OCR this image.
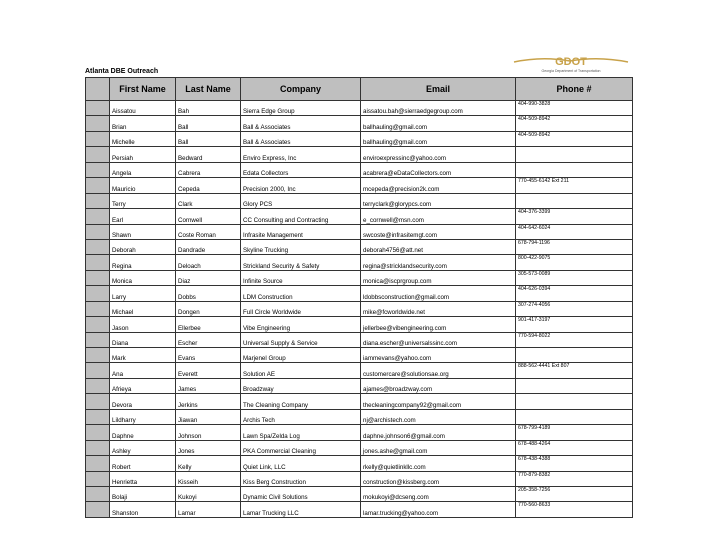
Atlanta DBE Outreach
GDOT
Georgia Department of Transportation
	First Name	Last Name	Company	Email	Phone #
	Aissatou	Bah	Sierra Edge Group	aissatou.bah@sierraedgegroup.com	404-990-3828
	Brian	Ball	Ball & Associates	ballhauling@gmail.com	404-509-8942
	Michelle	Ball	Ball & Associates	ballhauling@gmail.com	404-509-8942
	Persiah	Bedward	Enviro Express, Inc	enviroexpressinc@yahoo.com	
	Angela	Cabrera	Edata Collectors	acabrera@eDataCollectors.com	
	Mauricio	Cepeda	Precision 2000, Inc	mcepeda@precision2k.com	770-455-6142 Ext 211
	Terry	Clark	Glory PCS	terryclark@glorypcs.com	
	Earl	Cornwell	CC Consulting and Contracting	e_cornwell@msn.com	404-376-3399
	Shawn	Coste Roman	Infrasite Management	swcoste@infrasitemgt.com	404-642-6024
	Deborah	Dandrade	Skyline Trucking	deborah4756@att.net	678-794-1196
	Regina	Deloach	Strickland Security & Safety	regina@stricklandsecurity.com	800-422-9075
	Monica	Diaz	Infinite Source	monica@iscprgroup.com	305-573-0089
	Larry	Dobbs	LDM Construction	ldobbsconstruction@gmail.com	404-626-0394
	Michael	Dongen	Full Circle Worldwide	mike@fcworldwide.net	307-274-4056
	Jason	Ellerbee	Vibe Engineering	jellerbee@vibengineering.com	901-417-3197
	Diana	Escher	Universal Supply & Service	diana.escher@universalssinc.com	770-594-8022
	Mark	Evans	Marjenel Group	iammevans@yahoo.com	
	Ana	Everett	Solution AE	customercare@solutionsae.org	888-562-4441 Ext 807
	Afrieya	James	Broadzway	ajames@broadzway.com	
	Devora	Jerkins	The Cleaning Company	thecleaningcompany92@gmail.com	
	Lildharry	Jiawan	Archis Tech	nj@archistech.com	
	Daphne	Johnson	Lawn Spa/Zelda Log	daphne.johnson6@gmail.com	678-799-4189
	Ashley	Jones	PKA Commercial Cleaning	jones.ashe@gmail.com	678-488-4264
	Robert	Kelly	Quiet Link, LLC	rkelly@quietlinkllc.com	678-438-4388
	Henrietta	Kisseih	Kiss Berg Construction	construction@kissberg.com	770-879-8382
	Bolaji	Kukoyi	Dynamic Civil Solutions	mokukoyi@dcseng.com	205-358-7256
	Shanston	Lamar	Lamar Trucking LLC	lamar.trucking@yahoo.com	770-560-8633
